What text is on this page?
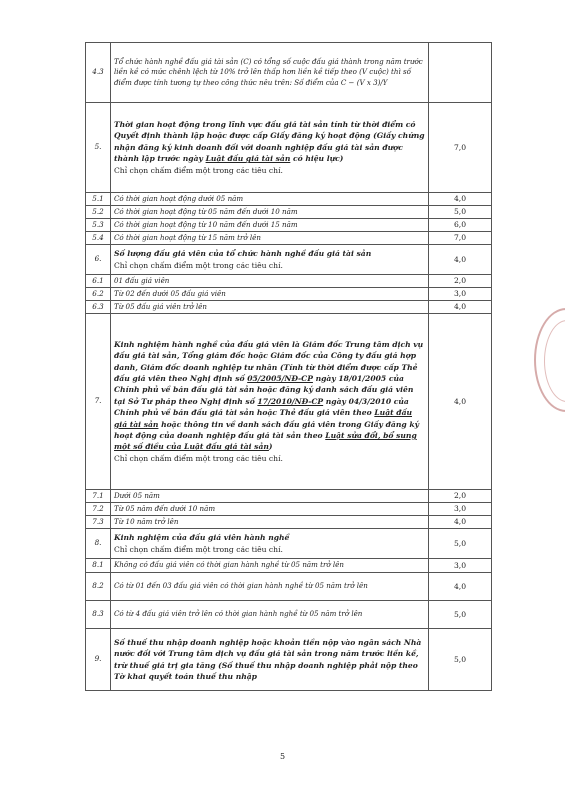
4.3	Tổ chức hành nghề đấu giá tài sản (C) có tổng số cuộc đấu giá thành trong năm trước liền kề có mức chênh lệch từ 10% trở lên thấp hơn liền kề tiếp theo (V cuộc) thì số điểm được tính tương tự theo công thức nêu trên: Số điểm của C − (V x 3)/Y	
5.	Thời gian hoạt động trong lĩnh vực đấu giá tài sản tính từ thời điểm có Quyết định thành lập hoặc được cấp Giấy đăng ký hoạt động (Giấy chứng nhận đăng ký kinh doanh đối với doanh nghiệp đấu giá tài sản được thành lập trước ngày Luật đấu giá tài sản có hiệu lực)
Chỉ chọn chấm điểm một trong các tiêu chí.	7,0
5.1	Có thời gian hoạt động dưới 05 năm	4,0
5.2	Có thời gian hoạt động từ 05 năm đến dưới 10 năm	5,0
5.3	Có thời gian hoạt động từ 10 năm đến dưới 15 năm	6,0
5.4	Có thời gian hoạt động từ 15 năm trở lên	7,0
6.	Số lượng đấu giá viên của tổ chức hành nghề đấu giá tài sản
Chỉ chọn chấm điểm một trong các tiêu chí.	4,0
6.1	01 đấu giá viên	2,0
6.2	Từ 02 đến dưới 05 đấu giá viên	3,0
6.3	Từ 05 đấu giá viên trở lên	4,0
7.	Kinh nghiệm hành nghề của đấu giá viên là Giám đốc Trung tâm dịch vụ đấu giá tài sản, Tổng giám đốc hoặc Giám đốc của Công ty đấu giá hợp danh, Giám đốc doanh nghiệp tư nhân (Tính từ thời điểm được cấp Thẻ đấu giá viên theo Nghị định số 05/2005/NĐ-CP ngày 18/01/2005 của Chính phủ về bán đấu giá tài sản hoặc đăng ký danh sách đấu giá viên tại Sở Tư pháp theo Nghị định số 17/2010/NĐ-CP ngày 04/3/2010 của Chính phủ về bán đấu giá tài sản hoặc Thẻ đấu giá viên theo Luật đấu giá tài sản hoặc thông tin về danh sách đấu giá viên trong Giấy đăng ký hoạt động của doanh nghiệp đấu giá tài sản theo Luật sửa đổi, bổ sung một số điều của Luật đấu giá tài sản)
Chỉ chọn chấm điểm một trong các tiêu chí.	4,0
7.1	Dưới 05 năm	2,0
7.2	Từ 05 năm đến dưới 10 năm	3,0
7.3	Từ 10 năm trở lên	4,0
8.	Kinh nghiệm của đấu giá viên hành nghề
Chỉ chọn chấm điểm một trong các tiêu chí.	5,0
8.1	Không có đấu giá viên có thời gian hành nghề từ 05 năm trở lên	3,0
8.2	Có từ 01 đến 03 đấu giá viên có thời gian hành nghề từ 05 năm trở lên	4,0
8.3	Có từ 4 đấu giá viên trở lên có thời gian hành nghề từ 05 năm trở lên	5,0
9.	Số thuế thu nhập doanh nghiệp hoặc khoản tiền nộp vào ngân sách Nhà nước đối với Trung tâm dịch vụ đấu giá tài sản trong năm trước liền kề, trừ thuế giá trị gia tăng (Số thuế thu nhập doanh nghiệp phải nộp theo Tờ khai quyết toán thuế thu nhập	5,0
5
